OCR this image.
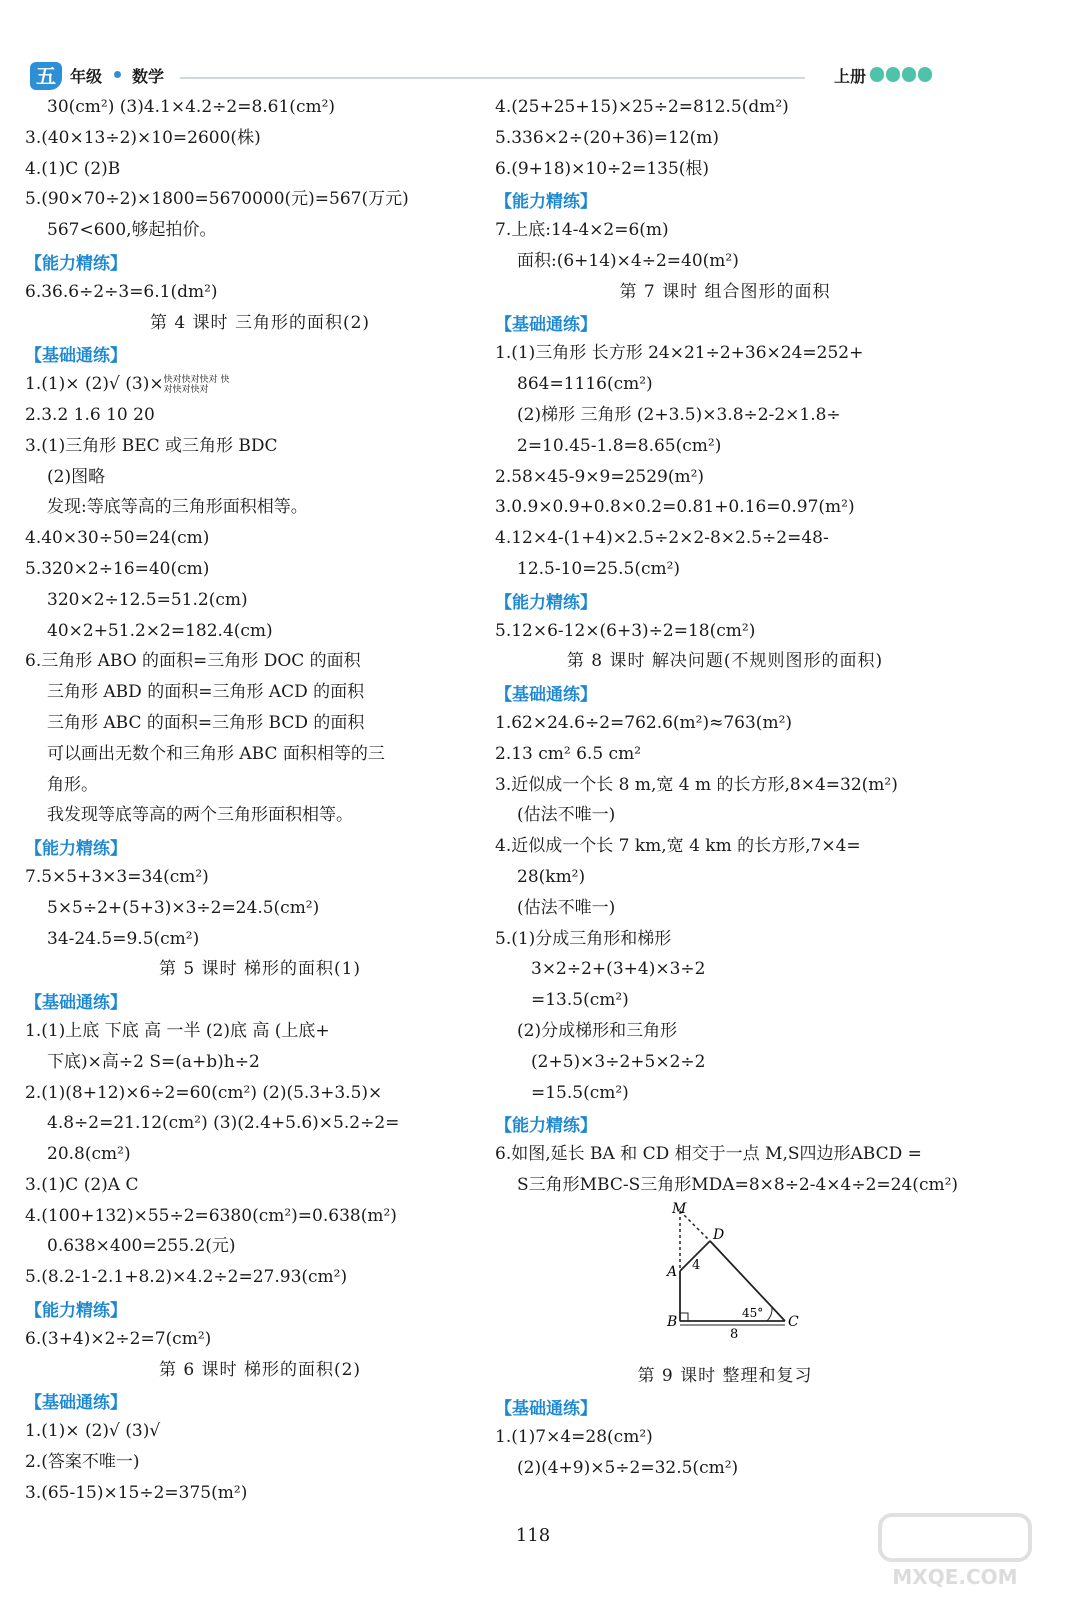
五 年级 数学	上册
30(cm²) (3)4.1×4.2÷2=8.61(cm²)
3.(40×13÷2)×10=2600(株)
4.(1)C (2)B
5.(90×70÷2)×1800=5670000(元)=567(万元)
567<600,够起拍价。
【能力精练】
6.36.6÷2÷3=6.1(dm²)
第 4 课时 三角形的面积(2)
【基础通练】
1.(1)× (2)√ (3)×快对快对快对 快对快对快对
2.3.2 1.6 10 20
3.(1)三角形 BEC 或三角形 BDC
(2)图略
发现:等底等高的三角形面积相等。
4.40×30÷50=24(cm)
5.320×2÷16=40(cm)
320×2÷12.5=51.2(cm)
40×2+51.2×2=182.4(cm)
6.三角形 ABO 的面积=三角形 DOC 的面积
三角形 ABD 的面积=三角形 ACD 的面积
三角形 ABC 的面积=三角形 BCD 的面积
可以画出无数个和三角形 ABC 面积相等的三
角形。
我发现等底等高的两个三角形面积相等。
【能力精练】
7.5×5+3×3=34(cm²)
5×5÷2+(5+3)×3÷2=24.5(cm²)
34-24.5=9.5(cm²)
第 5 课时 梯形的面积(1)
【基础通练】
1.(1)上底 下底 高 一半 (2)底 高 (上底+
下底)×高÷2 S=(a+b)h÷2
2.(1)(8+12)×6÷2=60(cm²) (2)(5.3+3.5)×
4.8÷2=21.12(cm²) (3)(2.4+5.6)×5.2÷2=
20.8(cm²)
3.(1)C (2)A C
4.(100+132)×55÷2=6380(cm²)=0.638(m²)
0.638×400=255.2(元)
5.(8.2-1-2.1+8.2)×4.2÷2=27.93(cm²)
【能力精练】
6.(3+4)×2÷2=7(cm²)
第 6 课时 梯形的面积(2)
【基础通练】
1.(1)× (2)√ (3)√
2.(答案不唯一)
3.(65-15)×15÷2=375(m²)
4.(25+25+15)×25÷2=812.5(dm²)
5.336×2÷(20+36)=12(m)
6.(9+18)×10÷2=135(根)
【能力精练】
7.上底:14-4×2=6(m)
面积:(6+14)×4÷2=40(m²)
第 7 课时 组合图形的面积
【基础通练】
1.(1)三角形 长方形 24×21÷2+36×24=252+
864=1116(cm²)
(2)梯形 三角形 (2+3.5)×3.8÷2-2×1.8÷
2=10.45-1.8=8.65(cm²)
2.58×45-9×9=2529(m²)
3.0.9×0.9+0.8×0.2=0.81+0.16=0.97(m²)
4.12×4-(1+4)×2.5÷2×2-8×2.5÷2=48-
12.5-10=25.5(cm²)
【能力精练】
5.12×6-12×(6+3)÷2=18(cm²)
第 8 课时 解决问题(不规则图形的面积)
【基础通练】
1.62×24.6÷2=762.6(m²)≈763(m²)
2.13 cm² 6.5 cm²
3.近似成一个长 8 m,宽 4 m 的长方形,8×4=32(m²)
(估法不唯一)
4.近似成一个长 7 km,宽 4 km 的长方形,7×4=
28(km²)
(估法不唯一)
5.(1)分成三角形和梯形
3×2÷2+(3+4)×3÷2
=13.5(cm²)
(2)分成梯形和三角形
(2+5)×3÷2+5×2÷2
=15.5(cm²)
【能力精练】
6.如图,延长 BA 和 CD 相交于一点 M,S四边形ABCD =
S三角形MBC-S三角形MDA=8×8÷2-4×4÷2=24(cm²)
M
D
A
B	C
4
8
45°
第 9 课时 整理和复习
【基础通练】
1.(1)7×4=28(cm²)
(2)(4+9)×5÷2=32.5(cm²)
118
MXQE.COM
